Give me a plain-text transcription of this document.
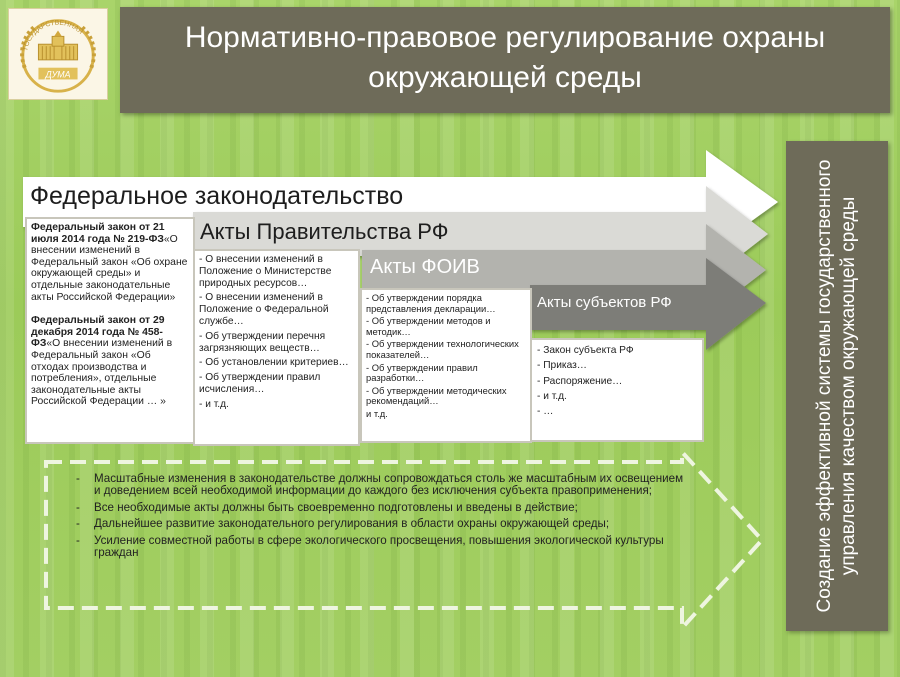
ГОСУДАРСТВЕННАЯ
ДУМА
Нормативно-правовое регулирование охраны
окружающей среды
Федеральное законодательство
Акты Правительства РФ
Акты ФОИВ
Акты субъектов РФ

Федеральный закон от 21 июля 2014 года № 219-ФЗ«О внесении изменений в Федеральный закон «Об охране окружающей среды» и отдельные законодательные акты Российской Федерации»

Федеральный закон от 29 декабря 2014 года № 458-ФЗ«О внесении изменений в Федеральный закон «Об отходах производства и потребления», отдельные законодательные акты Российской Федерации … »

- О внесении изменений в Положение о Министерстве природных ресурсов…
- О внесении изменений в Положение о Федеральной службе…
- Об утверждении перечня загрязняющих веществ…
- Об установлении критериев…
- Об утверждении правил исчисления…
- и т.д.
- Об утверждении порядка представления декларации…
- Об утверждении методов и методик…
- Об утверждении технологических показателей…
- Об утверждении правил разработки…
- Об утверждении методических рекомендаций…
и т.д.
- Закон субъекта РФ
- Приказ…
- Распоряжение…
- и т.д.
- …
- Масштабные изменения в законодательстве должны сопровождаться столь же масштабным их освещением и доведением всей необходимой информации до каждого без исключения субъекта правоприменения;
- Все необходимые акты должны быть своевременно подготовлены и введены в действие;
- Дальнейшее развитие законодательного регулирования в области охраны окружающей среды;
- Усиление совместной работы в сфере экологического просвещения, повышения экологической культуры граждан	Создание эффективной системы государственного управления качеством окружающей среды
